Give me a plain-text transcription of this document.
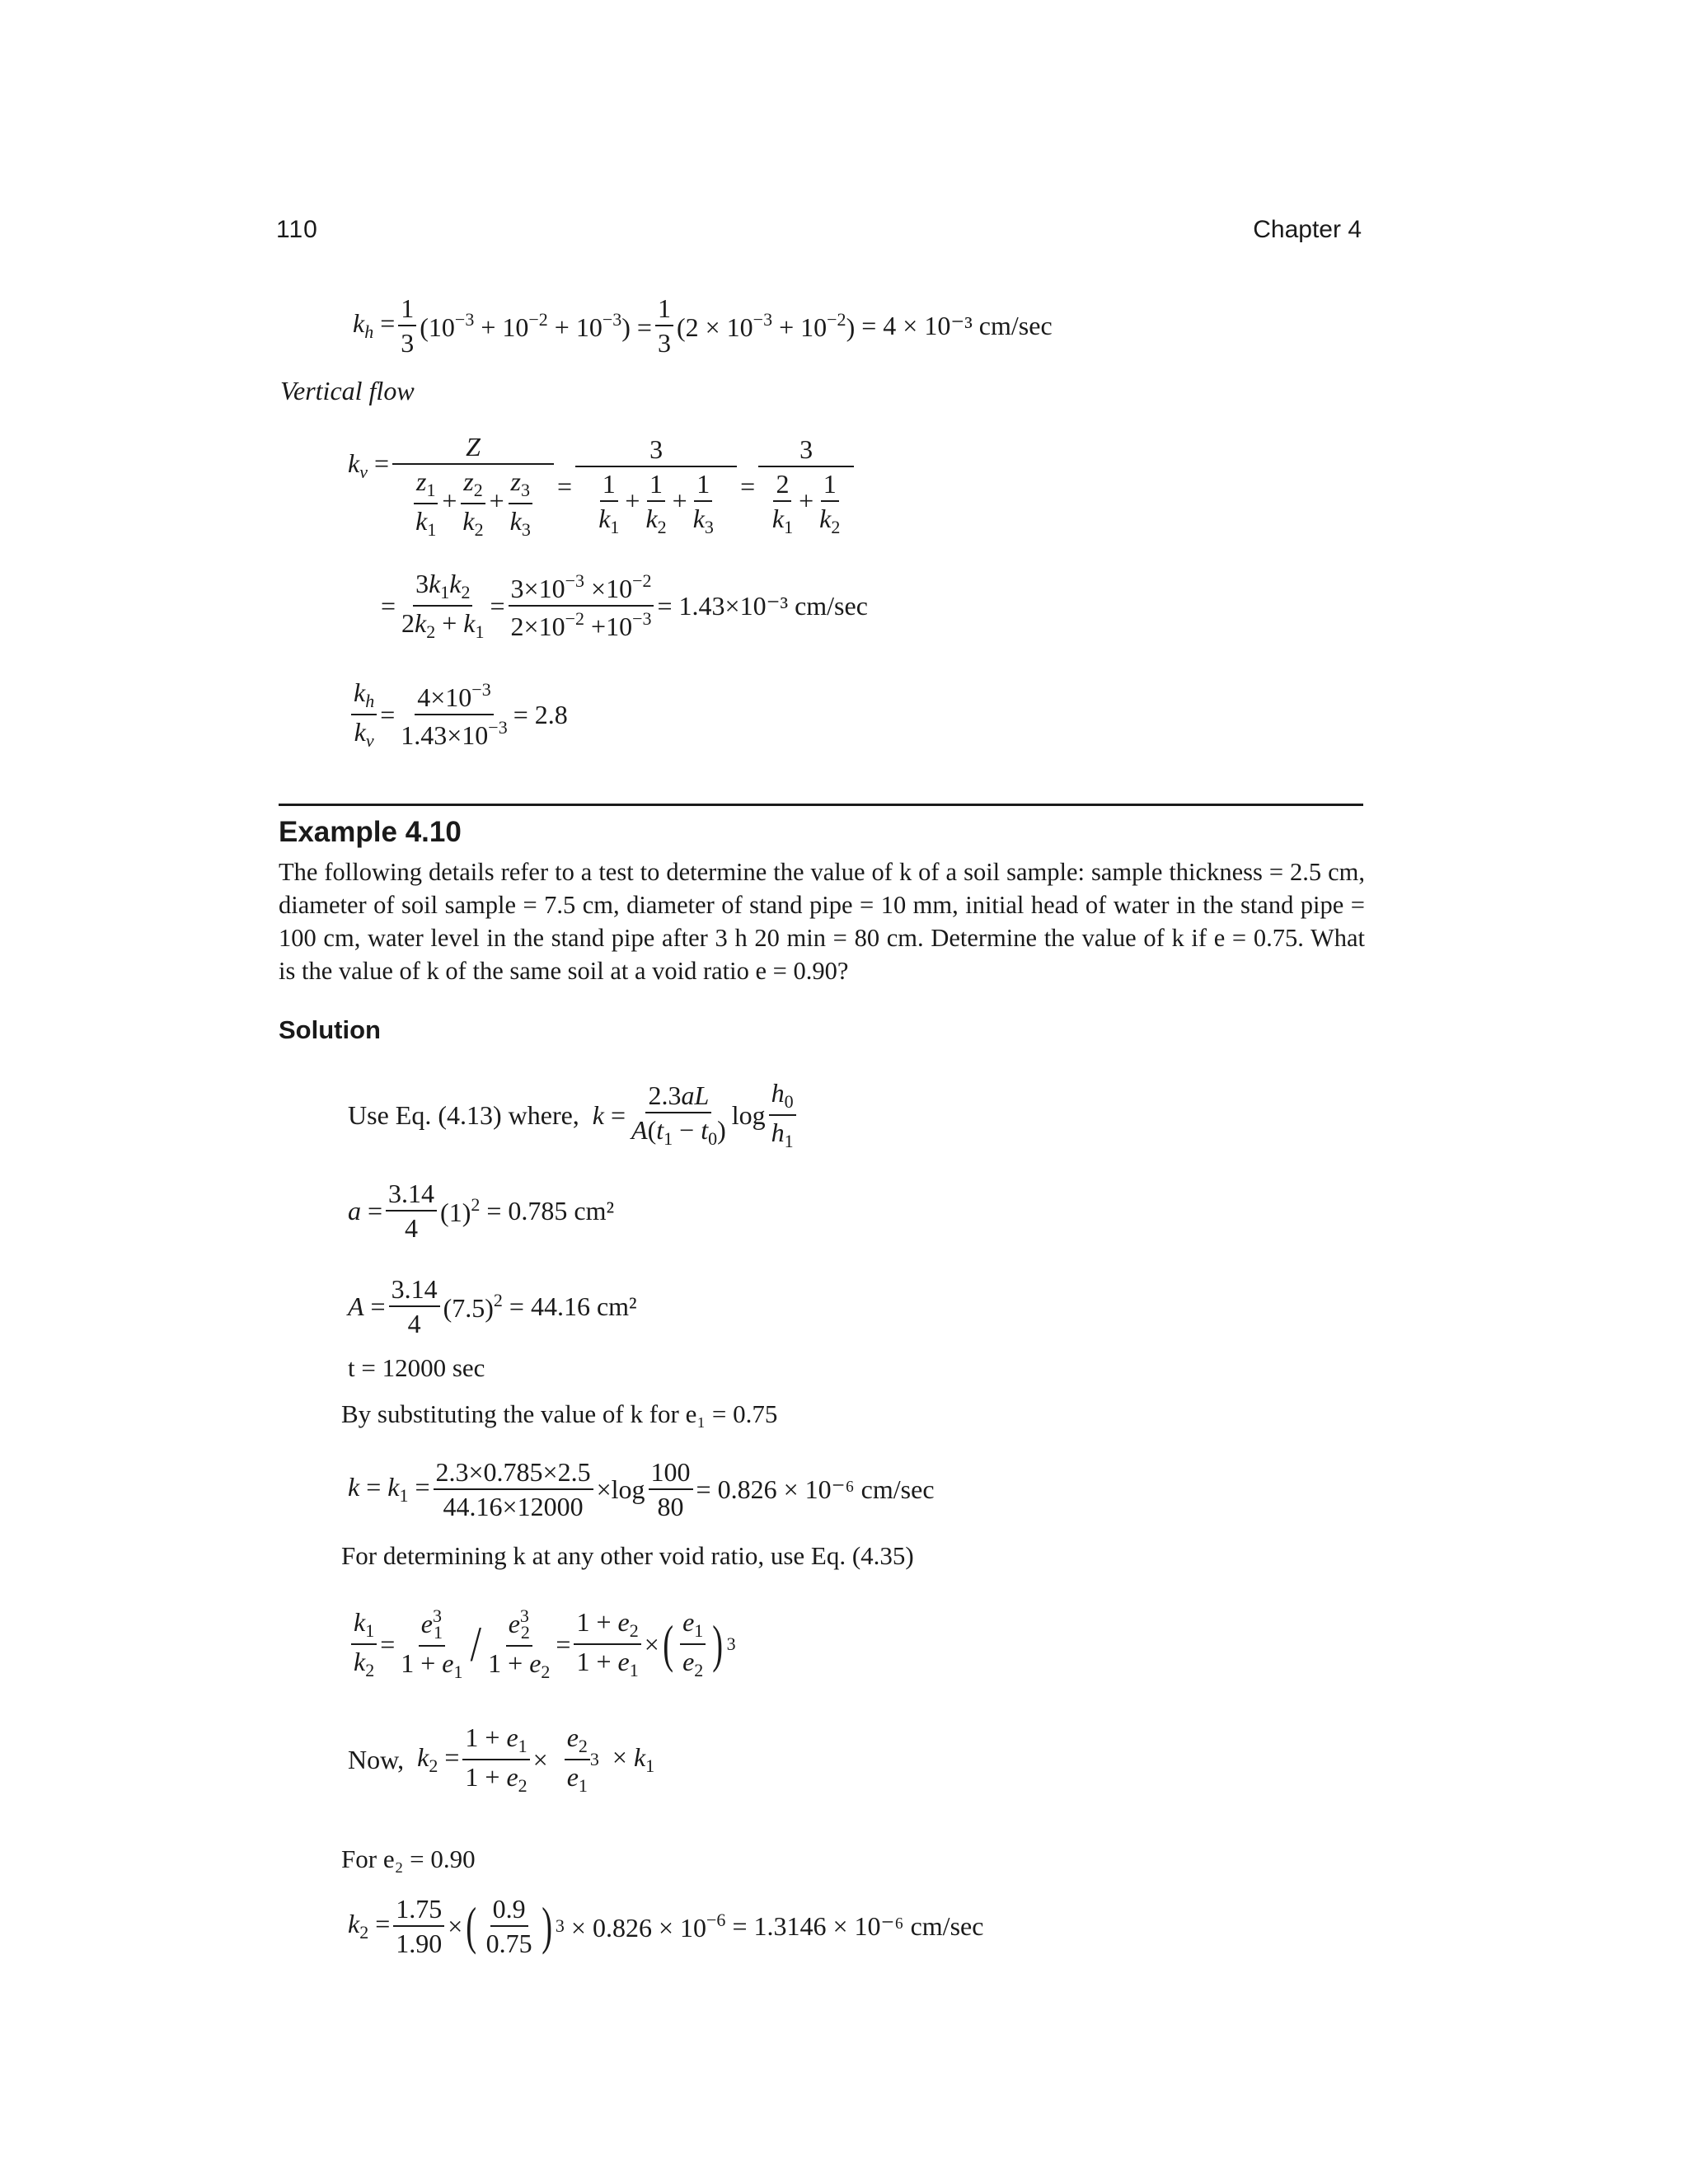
110	Chapter 4
$k_h = \frac{1}{3} (10^{-3} + 10^{-2} + 10^{-3}) = \frac{1}{3} (2 \times 10^{-3} + 10^{-2}) = 4 \times 10^{-3}$ cm/sec
Vertical flow
$k_v = \frac{Z}{\frac{z_1}{k_1} + \frac{z_2}{k_2} + \frac{z_3}{k_3}} = \frac{3}{\frac{1}{k_1} + \frac{1}{k_2} + \frac{1}{k_3}} = \frac{3}{\frac{2}{k_1} + \frac{1}{k_2}}$
= $\frac{3k_1k_2}{2k_2 + k_1} = \frac{3\times 10^{-3} \times 10^{-2}}{2\times 10^{-2} +10^{-3}} = 1.43\times 10^{-3}$ cm/sec
$\frac{k_h}{k_v} = \frac{4\times 10^{-3}}{1.43\times 10^{-3}} = 2.8$
Example 4.10
The following details refer to a test to determine the value of k of a soil sample: sample thickness = 2.5 cm, diameter of soil sample = 7.5 cm, diameter of stand pipe = 10 mm, initial head of water in the stand pipe = 100 cm, water level in the stand pipe after 3 h 20 min = 80 cm. Determine the value of k if e = 0.75. What is the value of k of the same soil at a void ratio e = 0.90?
Solution
Use Eq. (4.13) where, $k = \frac{2.3aL}{A(t_1 - t_0)}$ $\log \frac{h_0}{h_1}$
$a = \frac{3.14}{4} (1)^2 = 0.785$ cm²
$A = \frac{3.14}{4} (7.5)^2 = 44.16$ cm²
t = 12000 sec
By substituting the value of k for e₁ = 0.75
$k = k_1 = \frac{2.3\times 0.785\times 2.5}{44.16\times 12000} \times\log \frac{100}{80} = 0.826 \times 10^{-6}$ cm/sec
For determining k at any other void ratio, use Eq. (4.35)
$\frac{k_1}{k_2} = \frac{e^3_1}{1 + e_1} / \frac{e^3_2}{1 + e_2} = \frac{1 + e_2}{1 + e_1}$ × ( $\frac{e_1}{e_2}$ ) 3
Now, $k_2 = \frac{1 + e_1}{1 + e_2} \times \frac{e_2}{e_1} 3 \times k_1$
For e₂ = 0.90
$k_2 = \frac{1.75}{1.90}$ × ( $\frac{0.9}{0.75}$ ) $3 \times 0.826 \times 10^{-6} = 1.3146 \times 10^{-6}$ cm/sec
